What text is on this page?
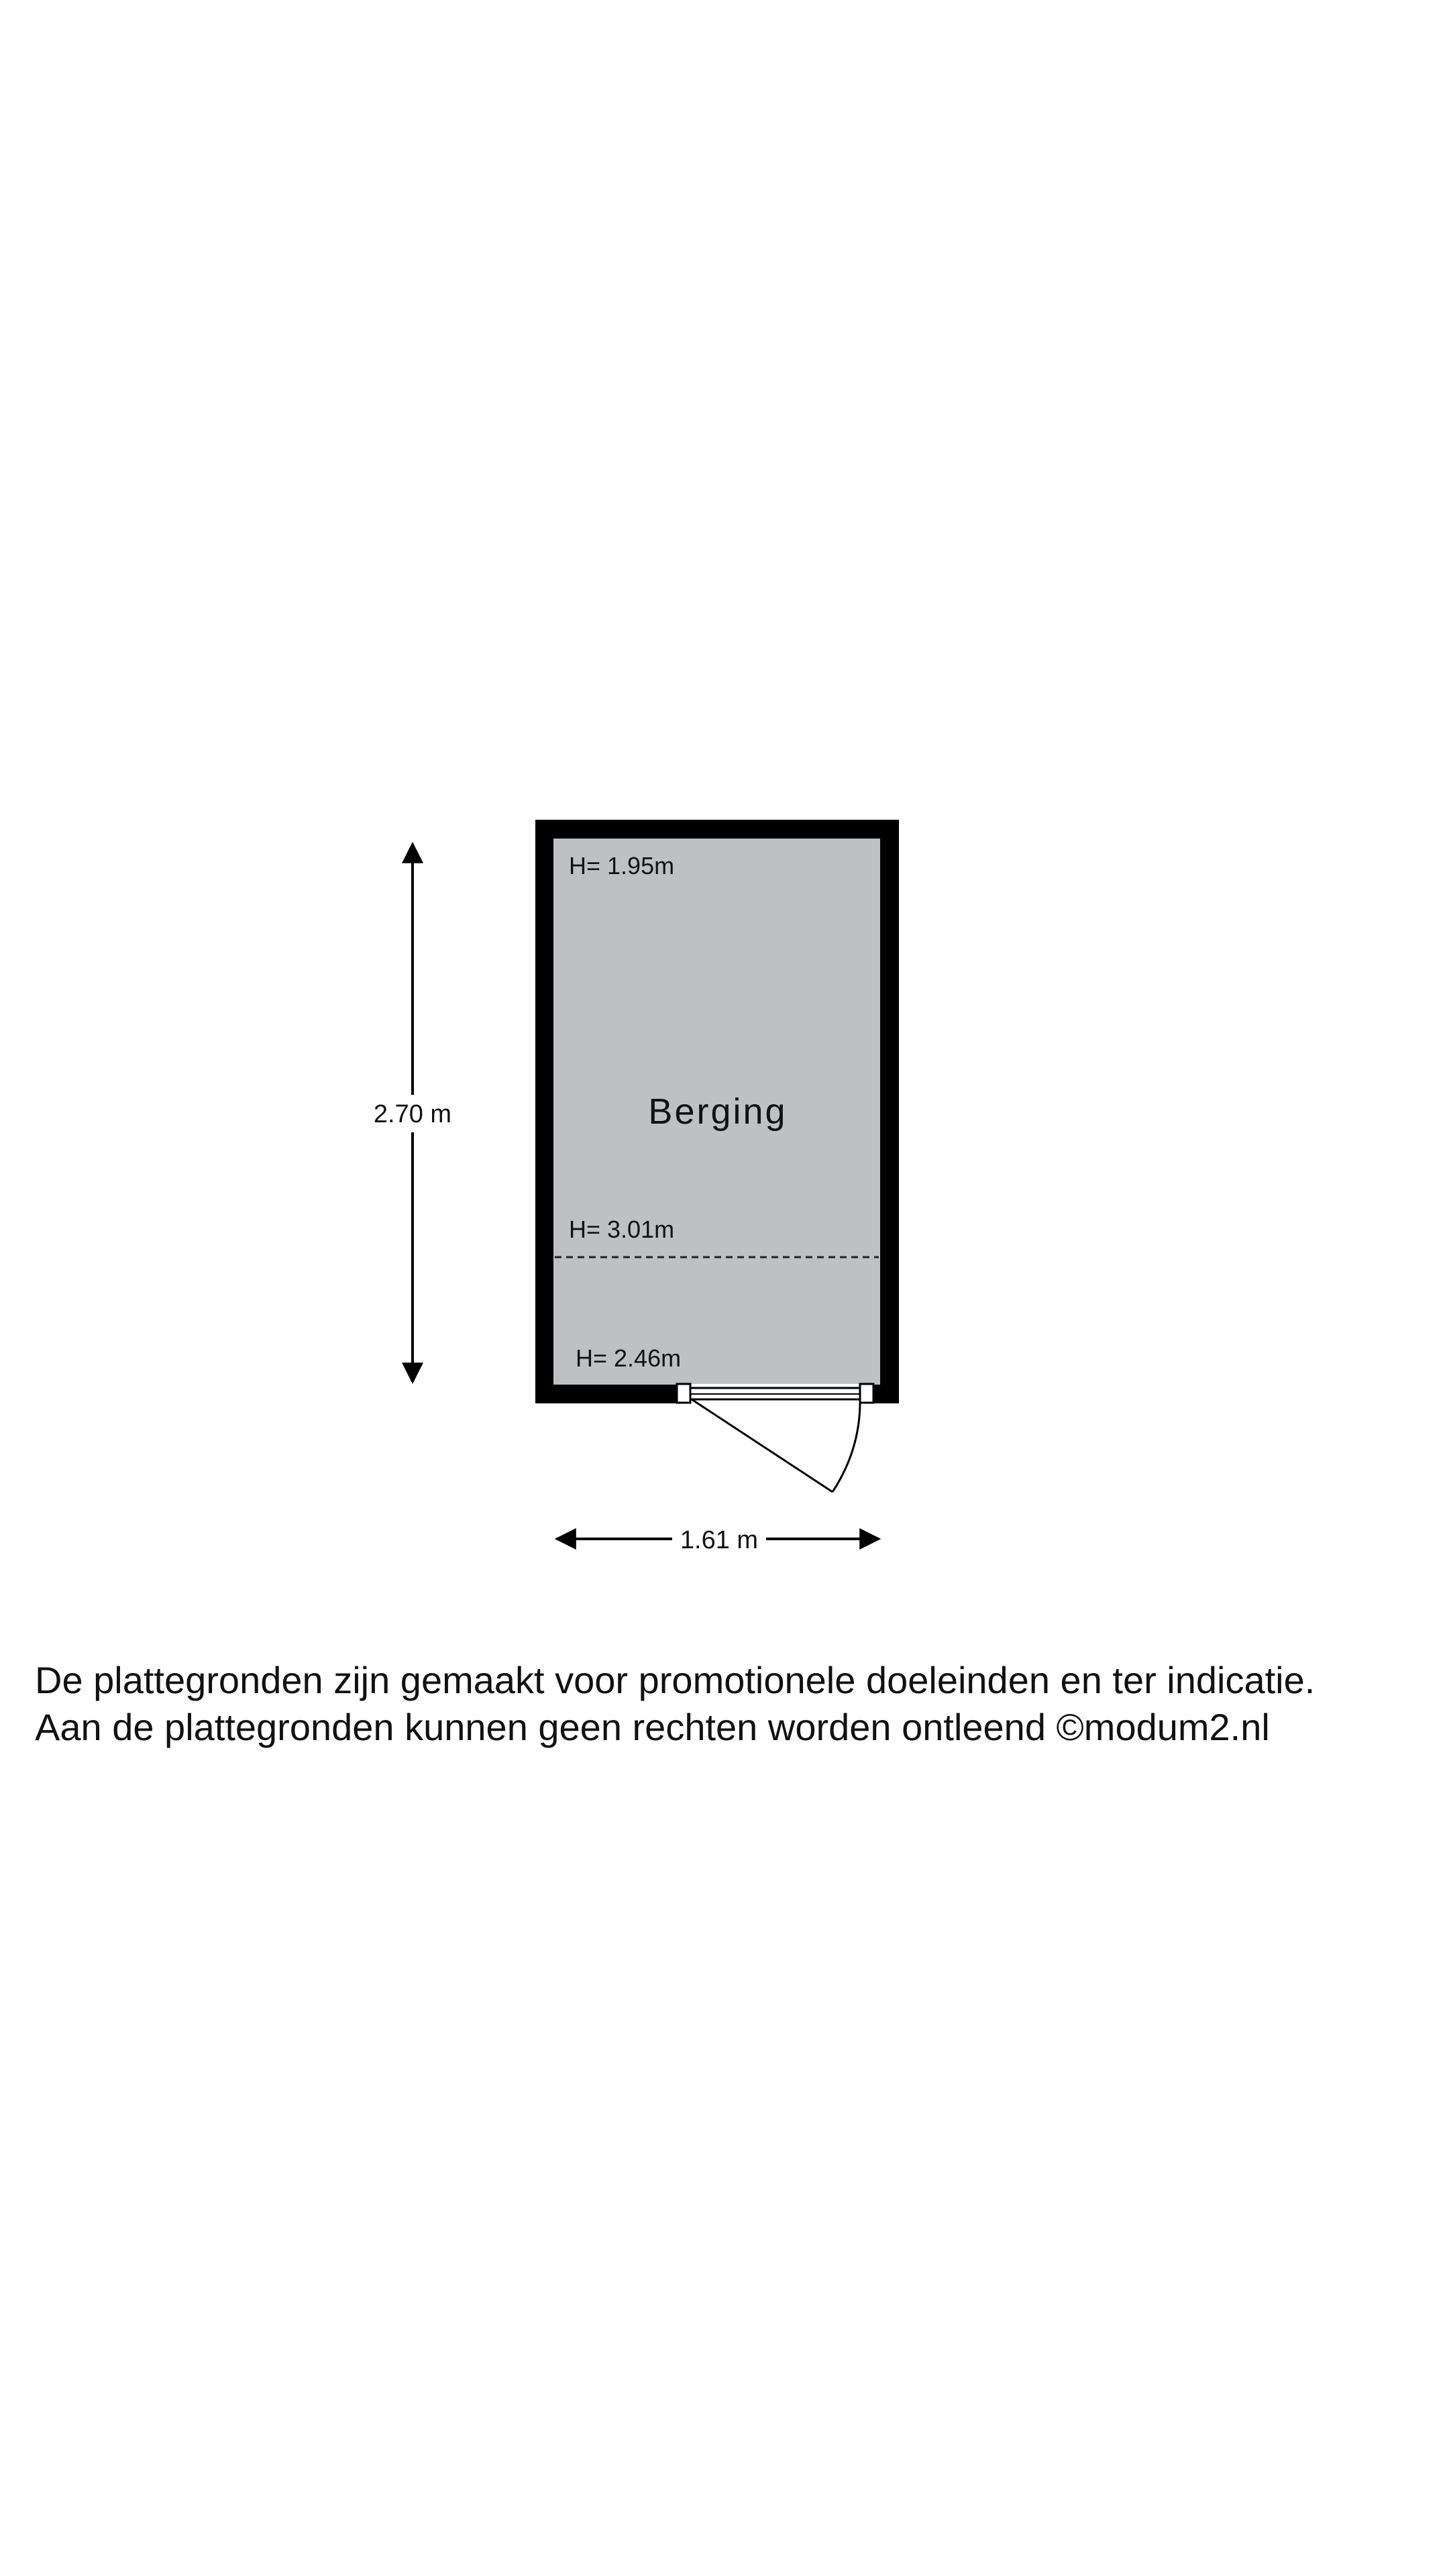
2.70 m
1.61 m
Berging
H= 1.95m
H= 3.01m
H= 2.46m

De plattegronden zijn gemaakt voor promotionele doeleinden en ter indicatie.
Aan de plattegronden kunnen geen rechten worden ontleend ©modum2.nl
